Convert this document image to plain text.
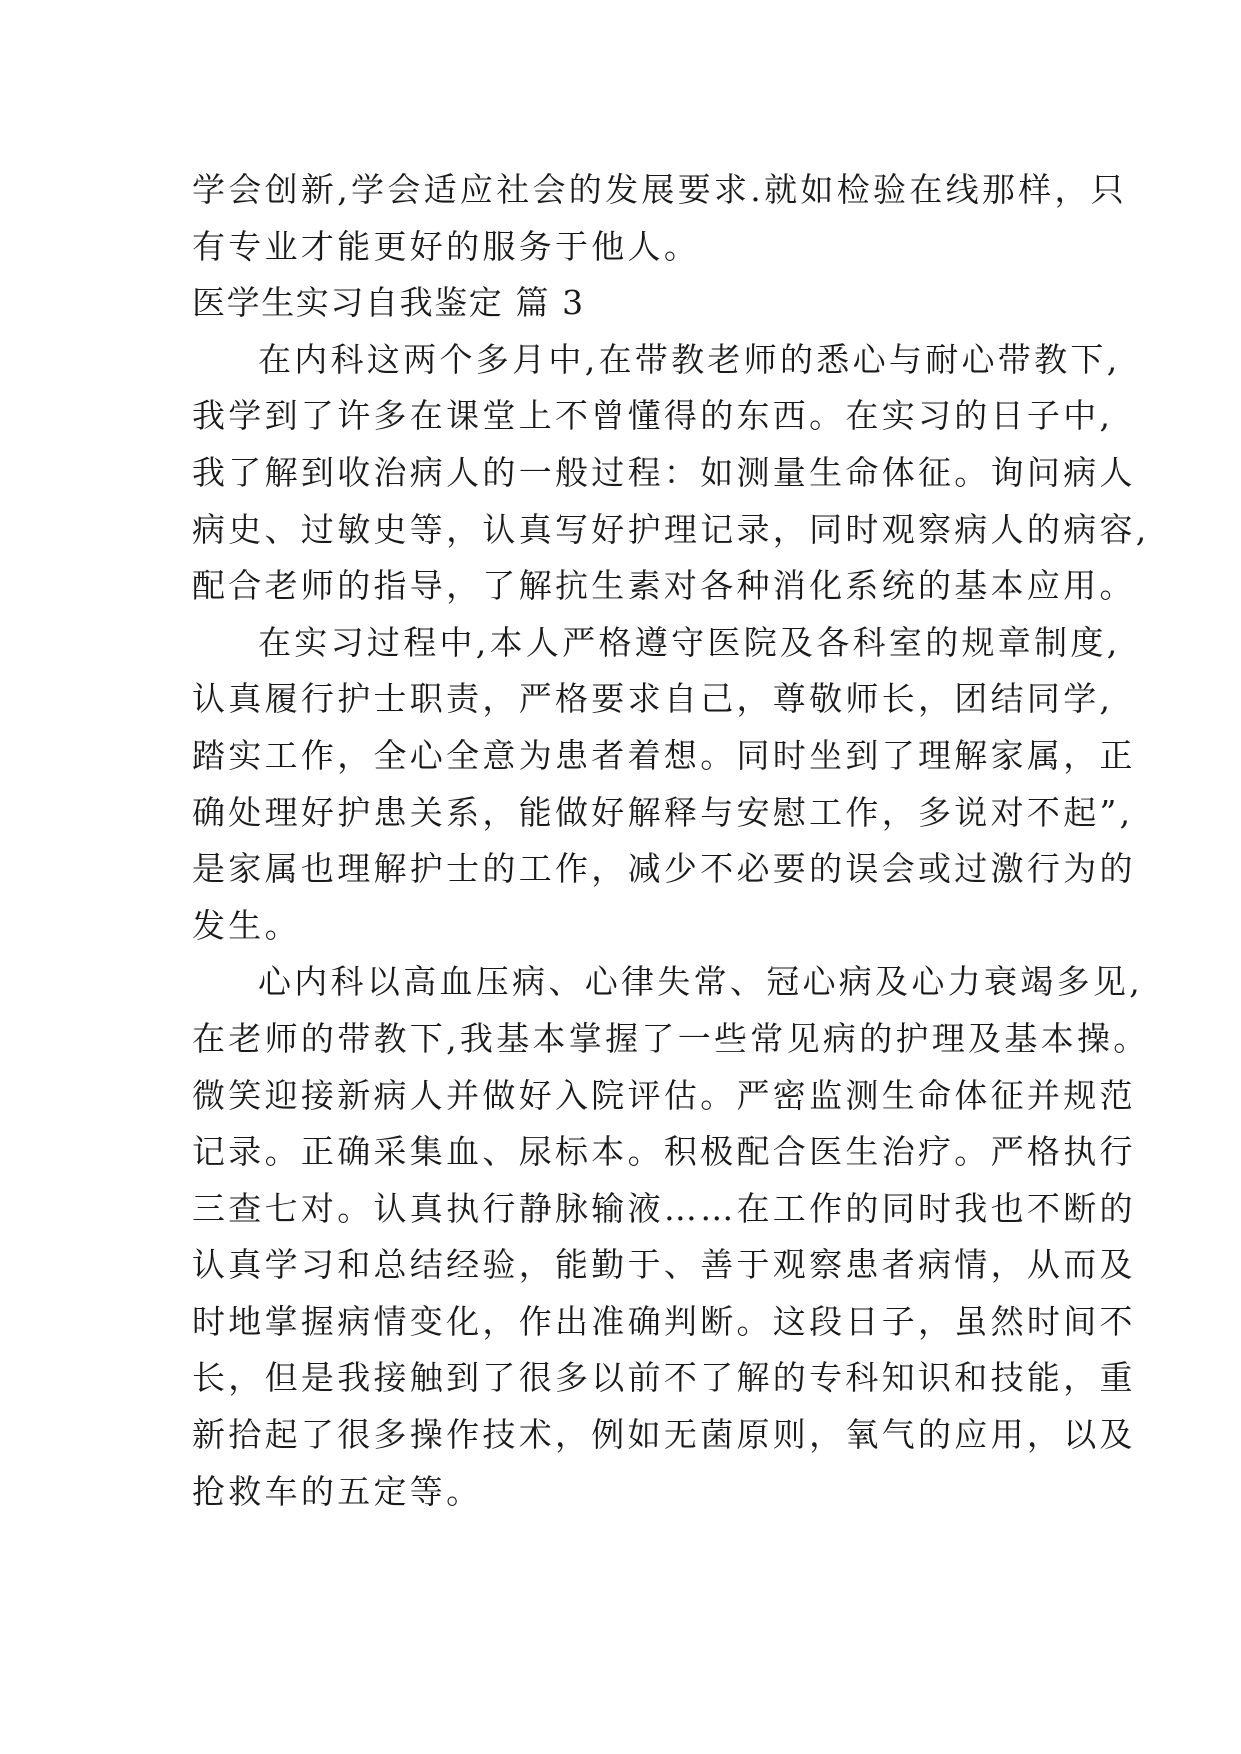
学会创新,学会适应社会的发展要求.就如检验在线那样，只
有专业才能更好的服务于他人。
医学生实习自我鉴定 篇 3
在内科这两个多月中,在带教老师的悉心与耐心带教下,
我学到了许多在课堂上不曾懂得的东西。在实习的日子中,
我了解到收治病人的一般过程：如测量生命体征。询问病人
病史、过敏史等，认真写好护理记录，同时观察病人的病容,
配合老师的指导，了解抗生素对各种消化系统的基本应用。
在实习过程中,本人严格遵守医院及各科室的规章制度,
认真履行护士职责，严格要求自己，尊敬师长，团结同学,
踏实工作，全心全意为患者着想。同时坐到了理解家属，正
确处理好护患关系，能做好解释与安慰工作，多说对不起”,
是家属也理解护士的工作，减少不必要的误会或过激行为的
发生。
心内科以高血压病、心律失常、冠心病及心力衰竭多见,
在老师的带教下,我基本掌握了一些常见病的护理及基本操。
微笑迎接新病人并做好入院评估。严密监测生命体征并规范
记录。正确采集血、尿标本。积极配合医生治疗。严格执行
三查七对。认真执行静脉输液……在工作的同时我也不断的
认真学习和总结经验，能勤于、善于观察患者病情，从而及
时地掌握病情变化，作出准确判断。这段日子，虽然时间不
长，但是我接触到了很多以前不了解的专科知识和技能，重
新拾起了很多操作技术，例如无菌原则，氧气的应用，以及
抢救车的五定等。
